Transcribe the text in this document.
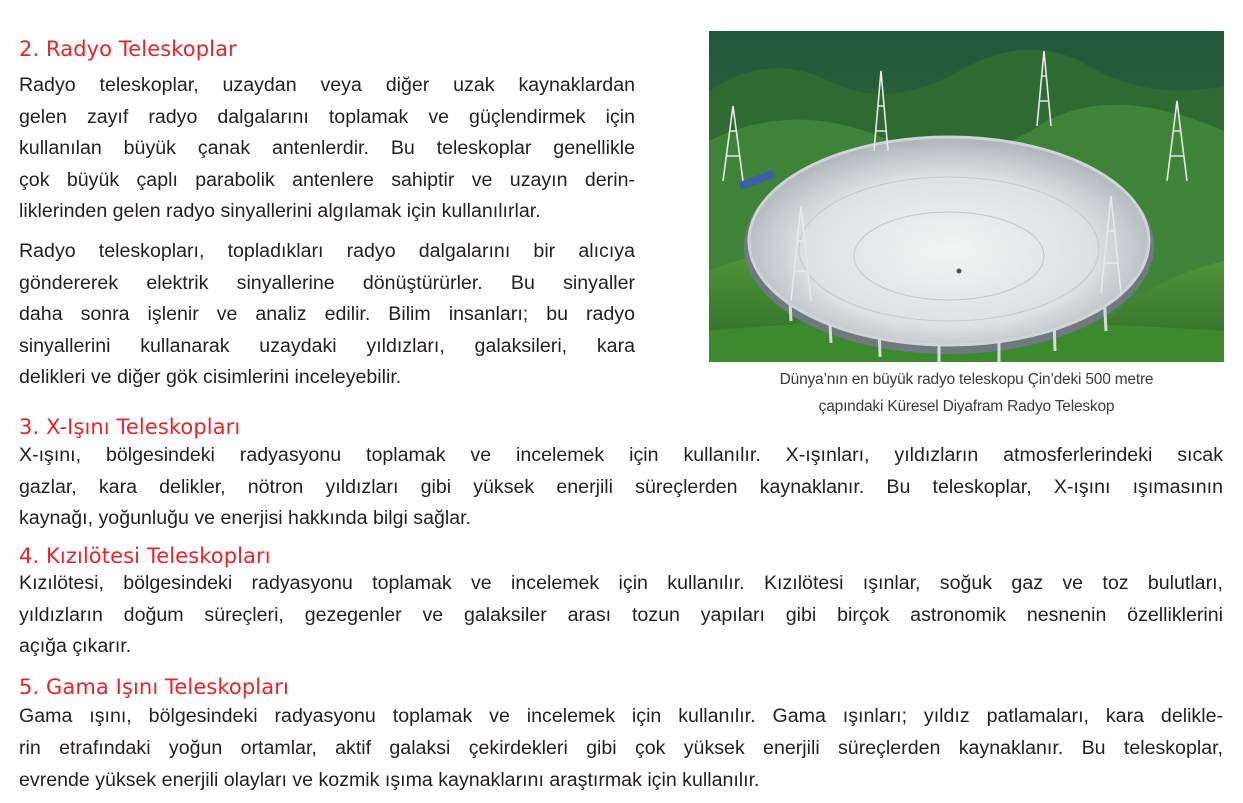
2. Radyo Teleskoplar

Radyo teleskoplar, uzaydan veya diğer uzak kaynaklardan
gelen zayıf radyo dalgalarını toplamak ve güçlendirmek için
kullanılan büyük çanak antenlerdir. Bu teleskoplar genellikle
çok büyük çaplı parabolik antenlere sahiptir ve uzayın derin-
liklerinden gelen radyo sinyallerini algılamak için kullanılırlar.

Radyo teleskopları, topladıkları radyo dalgalarını bir alıcıya
göndererek elektrik sinyallerine dönüştürürler. Bu sinyaller
daha sonra işlenir ve analiz edilir. Bilim insanları; bu radyo
sinyallerini kullanarak uzaydaki yıldızları, galaksileri, kara
delikleri ve diğer gök cisimlerini inceleyebilir.	Dünya’nın en büyük radyo teleskopu Çin’deki 500 metre
çapındaki Küresel Diyafram Radyo Teleskop

3. X-Işını Teleskopları

X-ışını, bölgesindeki radyasyonu toplamak ve incelemek için kullanılır. X-ışınları, yıldızların atmosferlerindeki sıcak
gazlar, kara delikler, nötron yıldızları gibi yüksek enerjili süreçlerden kaynaklanır. Bu teleskoplar, X-ışını ışımasının
kaynağı, yoğunluğu ve enerjisi hakkında bilgi sağlar.

4. Kızılötesi Teleskopları

Kızılötesi, bölgesindeki radyasyonu toplamak ve incelemek için kullanılır. Kızılötesi ışınlar, soğuk gaz ve toz bulutları,
yıldızların doğum süreçleri, gezegenler ve galaksiler arası tozun yapıları gibi birçok astronomik nesnenin özelliklerini
açığa çıkarır.

5. Gama Işını Teleskopları

Gama ışını, bölgesindeki radyasyonu toplamak ve incelemek için kullanılır. Gama ışınları; yıldız patlamaları, kara delikle-
rin etrafındaki yoğun ortamlar, aktif galaksi çekirdekleri gibi çok yüksek enerjili süreçlerden kaynaklanır. Bu teleskoplar,
evrende yüksek enerjili olayları ve kozmik ışıma kaynaklarını araştırmak için kullanılır.
